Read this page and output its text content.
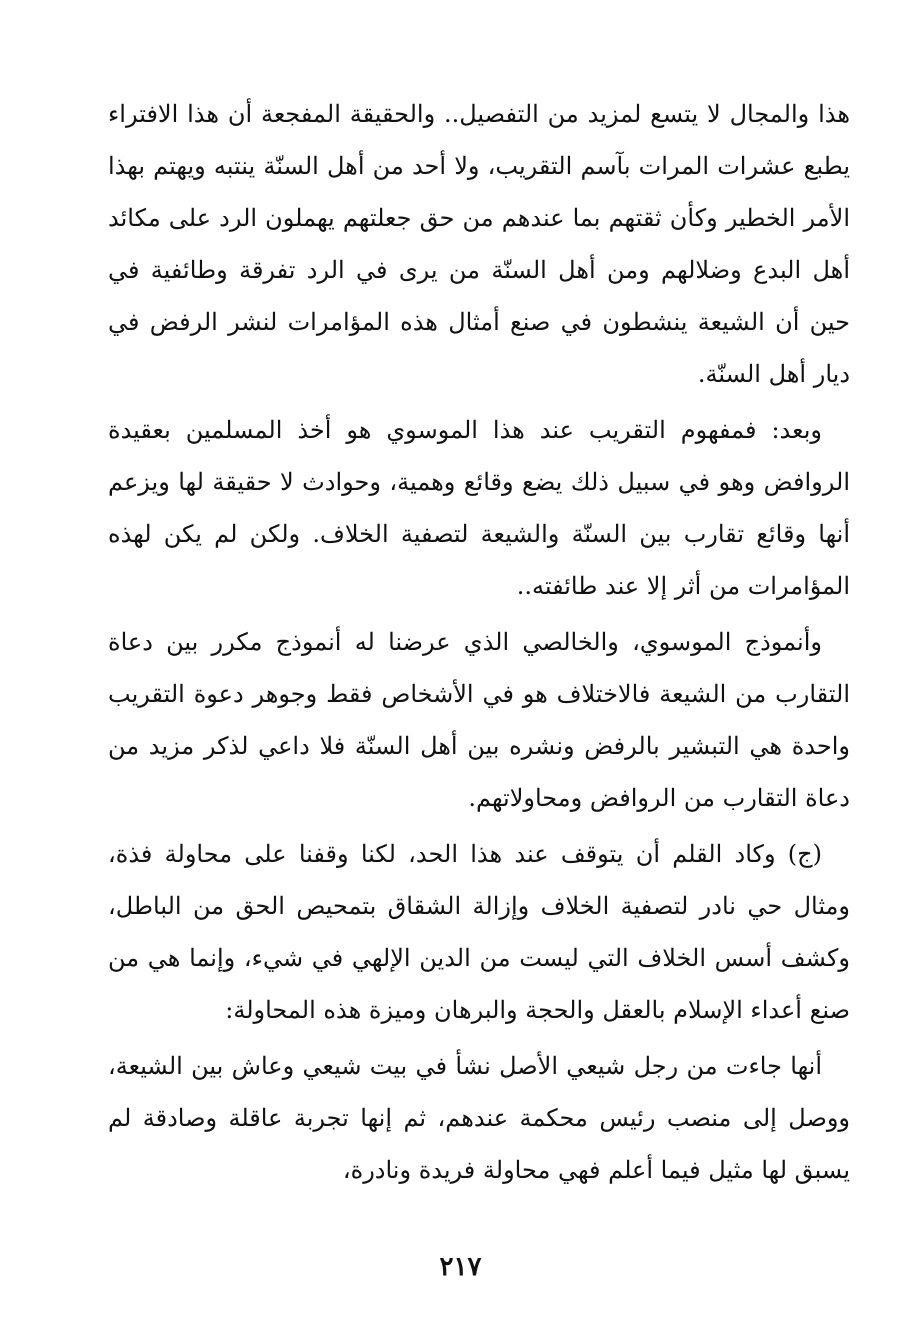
هذا والمجال لا يتسع لمزيد من التفصيل.. والحقيقة المفجعة أن هذا الافتراء يطبع عشرات المرات بآسم التقريب، ولا أحد من أهل السنّة ينتبه ويهتم بهذا الأمر الخطير وكأن ثقتهم بما عندهم من حق جعلتهم يهملون الرد على مكائد أهل البدع وضلالهم ومن أهل السنّة من يرى في الرد تفرقة وطائفية في حين أن الشيعة ينشطون في صنع أمثال هذه المؤامرات لنشر الرفض في ديار أهل السنّة.

وبعد: فمفهوم التقريب عند هذا الموسوي هو أخذ المسلمين بعقيدة الروافض وهو في سبيل ذلك يضع وقائع وهمية، وحوادث لا حقيقة لها ويزعم أنها وقائع تقارب بين السنّة والشيعة لتصفية الخلاف. ولكن لم يكن لهذه المؤامرات من أثر إلا عند طائفته..

وأنموذج الموسوي، والخالصي الذي عرضنا له أنموذج مكرر بين دعاة التقارب من الشيعة فالاختلاف هو في الأشخاص فقط وجوهر دعوة التقريب واحدة هي التبشير بالرفض ونشره بين أهل السنّة فلا داعي لذكر مزيد من دعاة التقارب من الروافض ومحاولاتهم.

(ج) وكاد القلم أن يتوقف عند هذا الحد، لكنا وقفنا على محاولة فذة، ومثال حي نادر لتصفية الخلاف وإزالة الشقاق بتمحيص الحق من الباطل، وكشف أسس الخلاف التي ليست من الدين الإلهي في شيء، وإنما هي من صنع أعداء الإسلام بالعقل والحجة والبرهان وميزة هذه المحاولة:

أنها جاءت من رجل شيعي الأصل نشأ في بيت شيعي وعاش بين الشيعة، ووصل إلى منصب رئيس محكمة عندهم، ثم إنها تجربة عاقلة وصادقة لم يسبق لها مثيل فيما أعلم فهي محاولة فريدة ونادرة،

٢١٧
